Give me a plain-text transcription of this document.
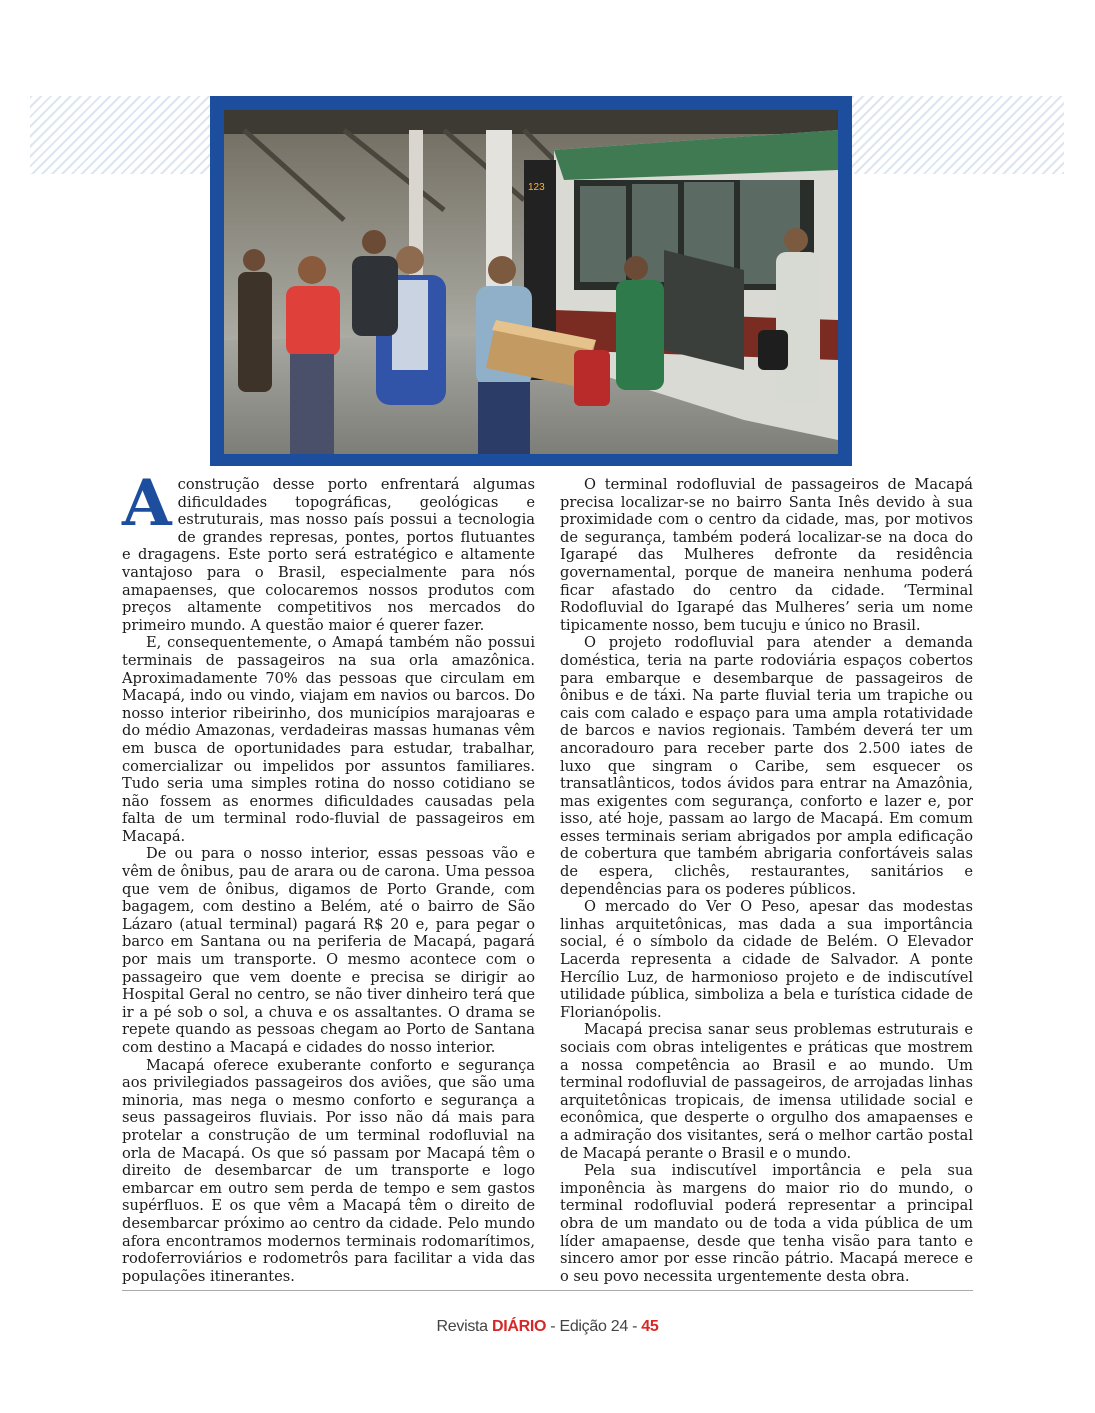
123

A construção desse porto enfrentará algumas dificuldades topográficas, geológicas e estruturais, mas nosso país possui a tecnologia de grandes represas, pontes, portos flutuantes e dragagens. Este porto será estratégico e altamente vantajoso para o Brasil, especialmente para nós amapaenses, que colocaremos nossos produtos com preços altamente competitivos nos mercados do primeiro mundo. A questão maior é querer fazer.

E, consequentemente, o Amapá também não possui terminais de passageiros na sua orla amazônica. Aproximadamente 70% das pessoas que circulam em Macapá, indo ou vindo, viajam em navios ou barcos. Do nosso interior ribeirinho, dos municípios marajoaras e do médio Amazonas, verdadeiras massas humanas vêm em busca de oportunidades para estudar, trabalhar, comercializar ou impelidos por assuntos familiares. Tudo seria uma simples rotina do nosso cotidiano se não fossem as enormes dificuldades causadas pela falta de um terminal rodo-fluvial de passageiros em Macapá.

De ou para o nosso interior, essas pessoas vão e vêm de ônibus, pau de arara ou de carona. Uma pessoa que vem de ônibus, digamos de Porto Grande, com bagagem, com destino a Belém, até o bairro de São Lázaro (atual terminal) pagará R$ 20 e, para pegar o barco em Santana ou na periferia de Macapá, pagará por mais um transporte. O mesmo acontece com o passageiro que vem doente e precisa se dirigir ao Hospital Geral no centro, se não tiver dinheiro terá que ir a pé sob o sol, a chuva e os assaltantes. O drama se repete quando as pessoas chegam ao Porto de Santana com destino a Macapá e cidades do nosso interior.

Macapá oferece exuberante conforto e segurança aos privilegiados passageiros dos aviões, que são uma minoria, mas nega o mesmo conforto e segurança a seus passageiros fluviais. Por isso não dá mais para protelar a construção de um terminal rodofluvial na orla de Macapá. Os que só passam por Macapá têm o direito de desembarcar de um transporte e logo embarcar em outro sem perda de tempo e sem gastos supérfluos. E os que vêm a Macapá têm o direito de desembarcar próximo ao centro da cidade. Pelo mundo afora encontramos modernos terminais rodomarítimos, rodoferroviários e rodometrôs para facilitar a vida das populações itinerantes.

O terminal rodofluvial de passageiros de Macapá precisa localizar-se no bairro Santa Inês devido à sua proximidade com o centro da cidade, mas, por motivos de segurança, também poderá localizar-se na doca do Igarapé das Mulheres defronte da residência governamental, porque de maneira nenhuma poderá ficar afastado do centro da cidade. ‘Terminal Rodofluvial do Igarapé das Mulheres’ seria um nome tipicamente nosso, bem tucuju e único no Brasil.

O projeto rodofluvial para atender a demanda doméstica, teria na parte rodoviária espaços cobertos para embarque e desembarque de passageiros de ônibus e de táxi. Na parte fluvial teria um trapiche ou cais com calado e espaço para uma ampla rotatividade de barcos e navios regionais. Também deverá ter um ancoradouro para receber parte dos 2.500 iates de luxo que singram o Caribe, sem esquecer os transatlânticos, todos ávidos para entrar na Amazônia, mas exigentes com segurança, conforto e lazer e, por isso, até hoje, passam ao largo de Macapá. Em comum esses terminais seriam abrigados por ampla edificação de cobertura que também abrigaria confortáveis salas de espera, clichês, restaurantes, sanitários e dependências para os poderes públicos.

O mercado do Ver O Peso, apesar das modestas linhas arquitetônicas, mas dada a sua importância social, é o símbolo da cidade de Belém. O Elevador Lacerda representa a cidade de Salvador. A ponte Hercílio Luz, de harmonioso projeto e de indiscutível utilidade pública, simboliza a bela e turística cidade de Florianópolis.

Macapá precisa sanar seus problemas estruturais e sociais com obras inteligentes e práticas que mostrem a nossa competência ao Brasil e ao mundo. Um terminal rodofluvial de passageiros, de arrojadas linhas arquitetônicas tropicais, de imensa utilidade social e econômica, que desperte o orgulho dos amapaenses e a admiração dos visitantes, será o melhor cartão postal de Macapá perante o Brasil e o mundo.

Pela sua indiscutível importância e pela sua imponência às margens do maior rio do mundo, o terminal rodofluvial poderá representar a principal obra de um mandato ou de toda a vida pública de um líder amapaense, desde que tenha visão para tanto e sincero amor por esse rincão pátrio. Macapá merece e o seu povo necessita urgentemente desta obra.

Revista DIÁRIO - Edição 24 - 45
